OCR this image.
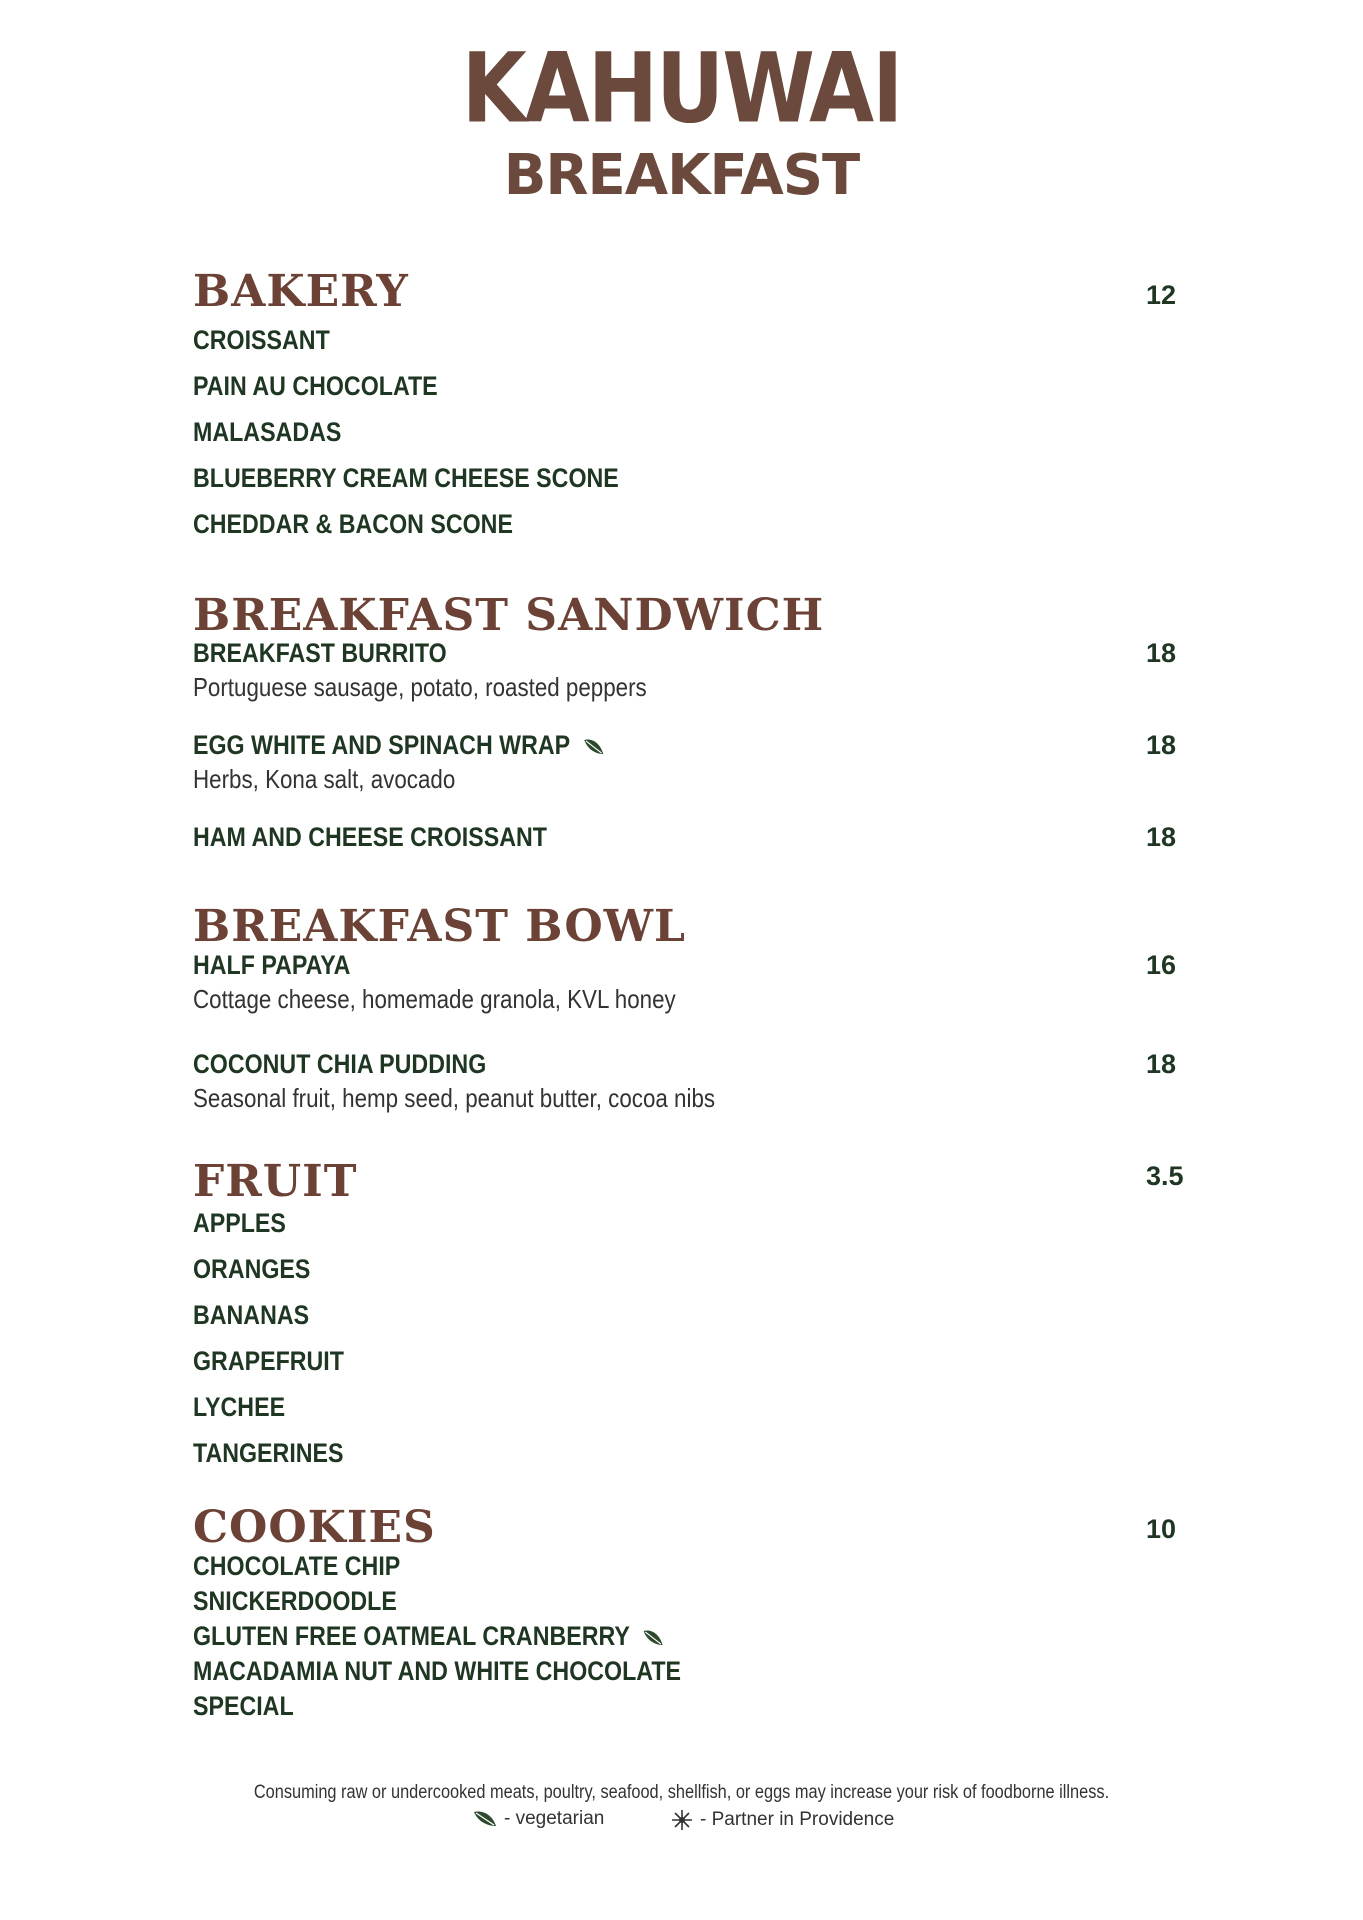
KAHUWAI
BREAKFAST
BAKERY	12
CROISSANT
PAIN AU CHOCOLATE
MALASADAS
BLUEBERRY CREAM CHEESE SCONE
CHEDDAR & BACON SCONE
BREAKFAST SANDWICH
BREAKFAST BURRITO	18
Portuguese sausage, potato, roasted peppers
EGG WHITE AND SPINACH WRAP	18
Herbs, Kona salt, avocado
HAM AND CHEESE CROISSANT	18
BREAKFAST BOWL
HALF PAPAYA	16
Cottage cheese, homemade granola, KVL honey
COCONUT CHIA PUDDING	18
Seasonal fruit, hemp seed, peanut butter, cocoa nibs
FRUIT	3.5
APPLES
ORANGES
BANANAS
GRAPEFRUIT
LYCHEE
TANGERINES
COOKIES	10
CHOCOLATE CHIP
SNICKERDOODLE
GLUTEN FREE OATMEAL CRANBERRY
MACADAMIA NUT AND WHITE CHOCOLATE
SPECIAL
Consuming raw or undercooked meats, poultry, seafood, shellfish, or eggs may increase your risk of foodborne illness.
- vegetarian	- Partner in Providence
